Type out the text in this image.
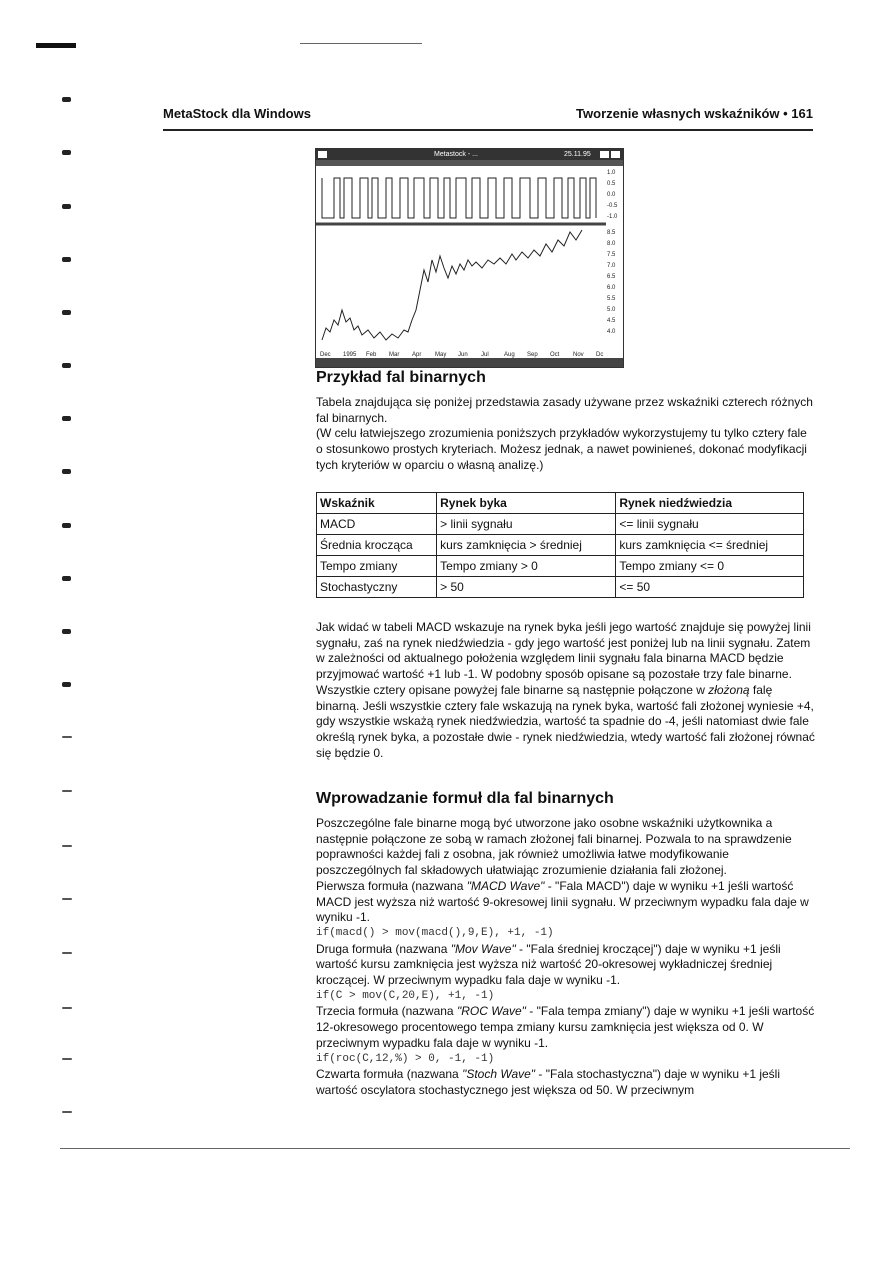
MetaStock dla Windows	Tworzenie własnych wskaźników • 161
Metastock - ...	25.11.95
1.0
0.5
0.0
-0.5
-1.0
8.5
8.0
7.5
7.0
6.5
6.0
5.5
5.0
4.5
4.0
Dec 1995 Feb Mar Apr May Jun Jul	Aug Sep Oct Nov Dc
Przykład fal binarnych

Tabela znajdująca się poniżej przedstawia zasady używane przez wskaźniki czterech różnych fal binarnych.

(W celu łatwiejszego zrozumienia poniższych przykładów wykorzystujemy tu tylko cztery fale o stosunkowo prostych kryteriach. Możesz jednak, a nawet powinieneś, dokonać modyfikacji tych kryteriów w oparciu o własną analizę.)

Wskaźnik	Rynek byka	Rynek niedźwiedzia
MACD	> linii sygnału	<= linii sygnału
Średnia krocząca	kurs zamknięcia > średniej	kurs zamknięcia <= średniej
Tempo zmiany	Tempo zmiany > 0	Tempo zmiany <= 0
Stochastyczny	> 50	<= 50

Jak widać w tabeli MACD wskazuje na rynek byka jeśli jego wartość znajduje się powyżej linii sygnału, zaś na rynek niedźwiedzia - gdy jego wartość jest poniżej lub na linii sygnału. Zatem w zależności od aktualnego położenia względem linii sygnału fala binarna MACD będzie przyjmować wartość +1 lub -1. W podobny sposób opisane są pozostałe trzy fale binarne.

Wszystkie cztery opisane powyżej fale binarne są następnie połączone w złożoną falę binarną. Jeśli wszystkie cztery fale wskazują na rynek byka, wartość fali złożonej wyniesie +4, gdy wszystkie wskażą rynek niedźwiedzia, wartość ta spadnie do -4, jeśli natomiast dwie fale określą rynek byka, a pozostałe dwie - rynek niedźwiedzia, wtedy wartość fali złożonej równać się będzie 0.

Wprowadzanie formuł dla fal binarnych

Poszczególne fale binarne mogą być utworzone jako osobne wskaźniki użytkownika a następnie połączone ze sobą w ramach złożonej fali binarnej. Pozwala to na sprawdzenie poprawności każdej fali z osobna, jak również umożliwia łatwe modyfikowanie poszczególnych fal składowych ułatwiając zrozumienie działania fali złożonej.

Pierwsza formuła (nazwana "MACD Wave" - "Fala MACD") daje w wyniku +1 jeśli wartość MACD jest wyższa niż wartość 9-okresowej linii sygnału. W przeciwnym wypadku fala daje w wyniku -1.

if(macd() > mov(macd(),9,E), +1, -1)

Druga formuła (nazwana "Mov Wave" - "Fala średniej kroczącej") daje w wyniku +1 jeśli wartość kursu zamknięcia jest wyższa niż wartość 20-okresowej wykładniczej średniej kroczącej. W przeciwnym wypadku fala daje w wyniku -1.

if(C > mov(C,20,E), +1, -1)

Trzecia formuła (nazwana "ROC Wave" - "Fala tempa zmiany") daje w wyniku +1 jeśli wartość 12-okresowego procentowego tempa zmiany kursu zamknięcia jest większa od 0. W przeciwnym wypadku fala daje w wyniku -1.

if(roc(C,12,%) > 0, -1, -1)

Czwarta formuła (nazwana "Stoch Wave" - "Fala stochastyczna") daje w wyniku +1 jeśli wartość oscylatora stochastycznego jest większa od 50. W przeciwnym
